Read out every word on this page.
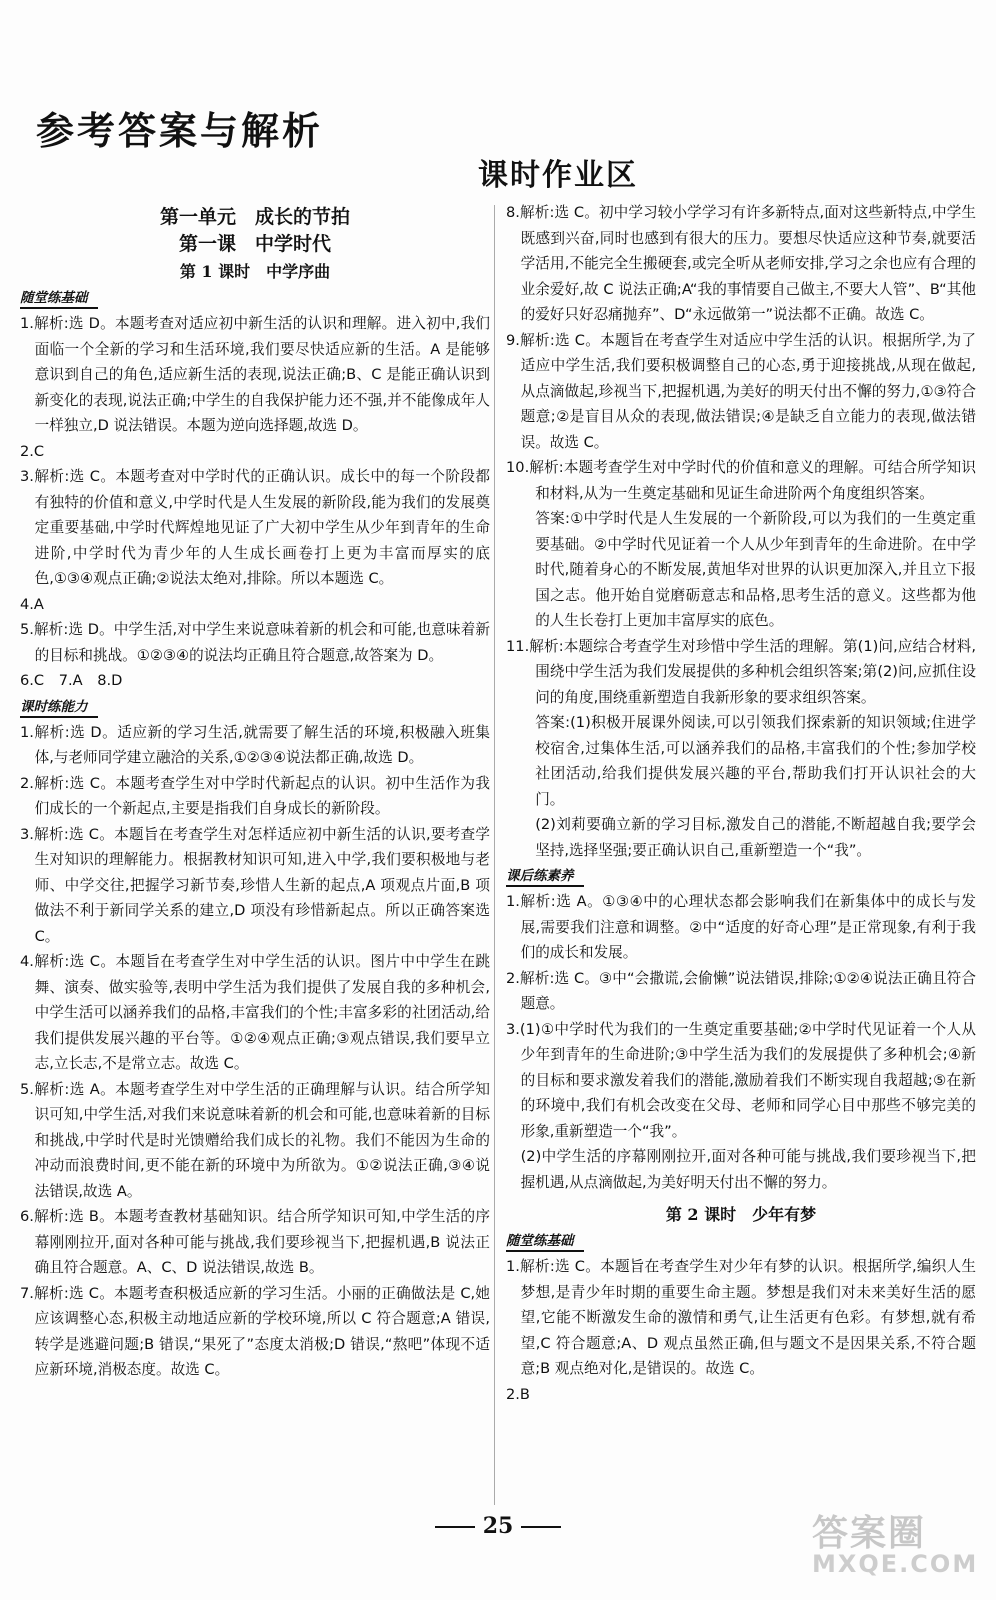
参考答案与解析
课时作业区
第一单元　成长的节拍
第一课　中学时代
第 1 课时　中学序曲
随堂练基础

1.解析:选 D。本题考查对适应初中新生活的认识和理解。进入初中,我们面临一个全新的学习和生活环境,我们要尽快适应新的生活。A 是能够意识到自己的角色,适应新生活的表现,说法正确;B、C 是能正确认识到新变化的表现,说法正确;中学生的自我保护能力还不强,并不能像成年人一样独立,D 说法错误。本题为逆向选择题,故选 D。

2.C

3.解析:选 C。本题考查对中学时代的正确认识。成长中的每一个阶段都有独特的价值和意义,中学时代是人生发展的新阶段,能为我们的发展奠定重要基础,中学时代辉煌地见证了广大初中学生从少年到青年的生命进阶,中学时代为青少年的人生成长画卷打上更为丰富而厚实的底色,①③④观点正确;②说法太绝对,排除。所以本题选 C。

4.A

5.解析:选 D。中学生活,对中学生来说意味着新的机会和可能,也意味着新的目标和挑战。①②③④的说法均正确且符合题意,故答案为 D。

6.C　7.A　8.D

课时练能力

1.解析:选 D。适应新的学习生活,就需要了解生活的环境,积极融入班集体,与老师同学建立融洽的关系,①②③④说法都正确,故选 D。

2.解析:选 C。本题考查学生对中学时代新起点的认识。初中生活作为我们成长的一个新起点,主要是指我们自身成长的新阶段。

3.解析:选 C。本题旨在考查学生对怎样适应初中新生活的认识,要考查学生对知识的理解能力。根据教材知识可知,进入中学,我们要积极地与老师、中学交往,把握学习新节奏,珍惜人生新的起点,A 项观点片面,B 项做法不利于新同学关系的建立,D 项没有珍惜新起点。所以正确答案选 C。

4.解析:选 C。本题旨在考查学生对中学生活的认识。图片中中学生在跳舞、演奏、做实验等,表明中学生活为我们提供了发展自我的多种机会,中学生活可以涵养我们的品格,丰富我们的个性;丰富多彩的社团活动,给我们提供发展兴趣的平台等。①②④观点正确;③观点错误,我们要早立志,立长志,不是常立志。故选 C。

5.解析:选 A。本题考查学生对中学生活的正确理解与认识。结合所学知识可知,中学生活,对我们来说意味着新的机会和可能,也意味着新的目标和挑战,中学时代是时光馈赠给我们成长的礼物。我们不能因为生命的冲动而浪费时间,更不能在新的环境中为所欲为。①②说法正确,③④说法错误,故选 A。

6.解析:选 B。本题考查教材基础知识。结合所学知识可知,中学生活的序幕刚刚拉开,面对各种可能与挑战,我们要珍视当下,把握机遇,B 说法正确且符合题意。A、C、D 说法错误,故选 B。

7.解析:选 C。本题考查积极适应新的学习生活。小丽的正确做法是 C,她应该调整心态,积极主动地适应新的学校环境,所以 C 符合题意;A 错误,转学是逃避问题;B 错误,“果死了”态度太消极;D 错误,“熬吧”体现不适应新环境,消极态度。故选 C。

8.解析:选 C。初中学习较小学学习有许多新特点,面对这些新特点,中学生既感到兴奋,同时也感到有很大的压力。要想尽快适应这种节奏,就要活学活用,不能完全生搬硬套,或完全听从老师安排,学习之余也应有合理的业余爱好,故 C 说法正确;A“我的事情要自己做主,不要大人管”、B“其他的爱好只好忍痛抛弃”、D“永远做第一”说法都不正确。故选 C。

9.解析:选 C。本题旨在考查学生对适应中学生活的认识。根据所学,为了适应中学生活,我们要积极调整自己的心态,勇于迎接挑战,从现在做起,从点滴做起,珍视当下,把握机遇,为美好的明天付出不懈的努力,①③符合题意;②是盲目从众的表现,做法错误;④是缺乏自立能力的表现,做法错误。故选 C。

10.解析:本题考查学生对中学时代的价值和意义的理解。可结合所学知识和材料,从为一生奠定基础和见证生命进阶两个角度组织答案。

答案:①中学时代是人生发展的一个新阶段,可以为我们的一生奠定重要基础。②中学时代见证着一个人从少年到青年的生命进阶。在中学时代,随着身心的不断发展,黄旭华对世界的认识更加深入,并且立下报国之志。他开始自觉磨砺意志和品格,思考生活的意义。这些都为他的人生长卷打上更加丰富厚实的底色。

11.解析:本题综合考查学生对珍惜中学生活的理解。第(1)问,应结合材料,围绕中学生活为我们发展提供的多种机会组织答案;第(2)问,应抓住设问的角度,围绕重新塑造自我新形象的要求组织答案。

答案:(1)积极开展课外阅读,可以引领我们探索新的知识领域;住进学校宿舍,过集体生活,可以涵养我们的品格,丰富我们的个性;参加学校社团活动,给我们提供发展兴趣的平台,帮助我们打开认识社会的大门。

(2)刘莉要确立新的学习目标,激发自己的潜能,不断超越自我;要学会坚持,选择坚强;要正确认识自己,重新塑造一个“我”。

课后练素养

1.解析:选 A。①③④中的心理状态都会影响我们在新集体中的成长与发展,需要我们注意和调整。②中“适度的好奇心理”是正常现象,有利于我们的成长和发展。

2.解析:选 C。③中“会撒谎,会偷懒”说法错误,排除;①②④说法正确且符合题意。

3.(1)①中学时代为我们的一生奠定重要基础;②中学时代见证着一个人从少年到青年的生命进阶;③中学生活为我们的发展提供了多种机会;④新的目标和要求激发着我们的潜能,激励着我们不断实现自我超越;⑤在新的环境中,我们有机会改变在父母、老师和同学心目中那些不够完美的形象,重新塑造一个“我”。

(2)中学生活的序幕刚刚拉开,面对各种可能与挑战,我们要珍视当下,把握机遇,从点滴做起,为美好明天付出不懈的努力。

第 2 课时　少年有梦
随堂练基础

1.解析:选 C。本题旨在考查学生对少年有梦的认识。根据所学,编织人生梦想,是青少年时期的重要生命主题。梦想是我们对未来美好生活的愿望,它能不断激发生命的激情和勇气,让生活更有色彩。有梦想,就有希望,C 符合题意;A、D 观点虽然正确,但与题文不是因果关系,不符合题意;B 观点绝对化,是错误的。故选 C。

2.B

25	答案圈
MXQE.COM
